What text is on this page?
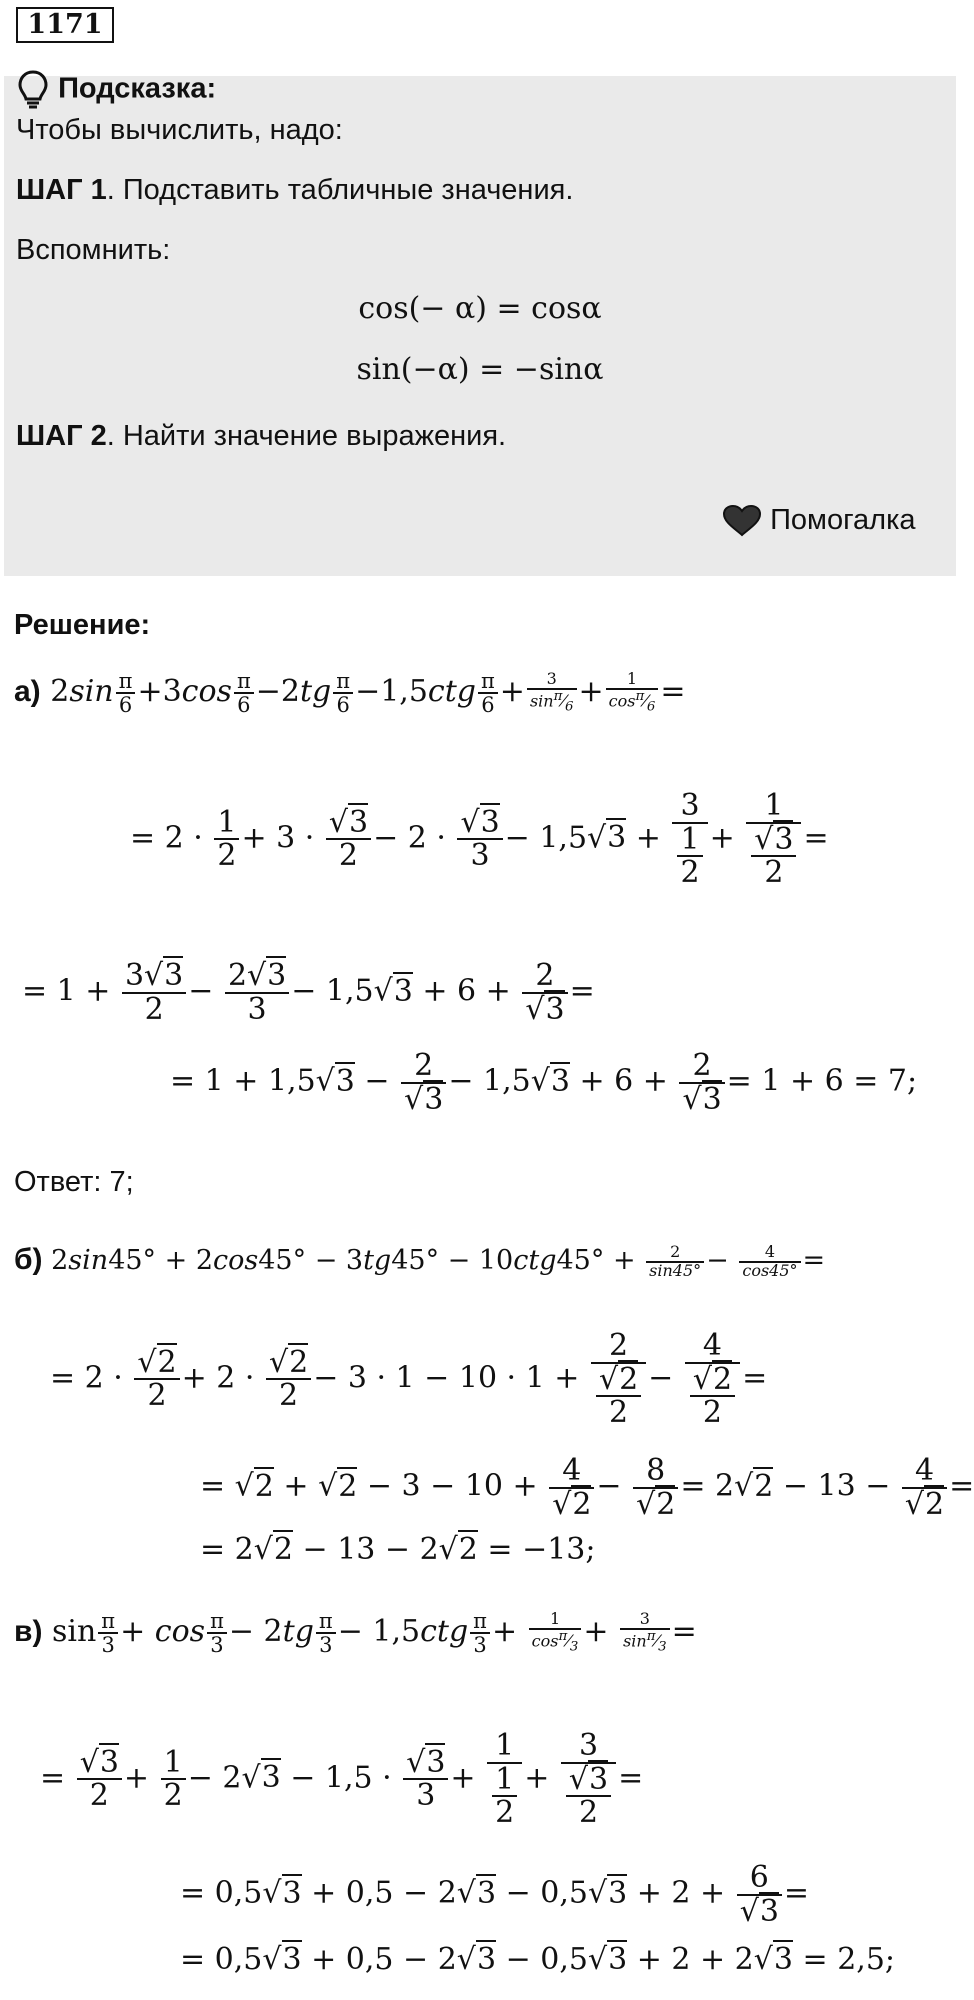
1171
Подсказка:
Чтобы вычислить, надо:
ШАГ 1. Подставить табличные значения.
Вспомнить:
cos(− α) = cosα
sin(−α) = −sinα
ШАГ 2. Найти значение выражения.
Помогалка
Решение:
а) $2\sin \frac{\pi}{6} +3\cos \frac{\pi}{6} -2tg \frac{\pi}{6} -1,5ctg \frac{\pi}{6} + \frac{3}{\sin^\pi⁄_6} + \frac{1}{\cos^\pi⁄_6}$ =
= $2 \cdot \frac{1}{2} + 3 \cdot \frac{√3}{2} - 2 \cdot \frac{√3}{3} - 1,5√3 + \frac{3}{\frac{1}{2}} + \frac{1}{\frac{√3}{2}}$ =
= $1 + \frac{3√3}{2} - \frac{2√3}{3} - 1,5√3 + 6 + \frac{2}{√3}$ =
= $1 + 1,5√3 - \frac{2}{√3} - 1,5√3 + 6 + \frac{2}{√3} = 1 + 6 = 7$;
Ответ: 7;
б) $2\sin 45^\circ + 2\cos 45^\circ - 3tg45^\circ - 10ctg45^\circ + \frac{2}{\sin 45^\circ} - \frac{4}{\cos 45^\circ}$ =
= $2 \cdot \frac{√2}{2} + 2 \cdot \frac{√2}{2} - 3 \cdot 1 - 10 \cdot 1 + \frac{2}{\frac{√2}{2}} - \frac{4}{\frac{√2}{2}}$ =
= $√2 + √2 - 3 - 10 + \frac{4}{√2} - \frac{8}{√2} = 2√2 - 13 - \frac{4}{√2}$ =
= 2√2 − 13 − 2√2 = −13;
в) $\sin \frac{\pi}{3} + \cos \frac{\pi}{3} - 2tg \frac{\pi}{3} - 1,5ctg \frac{\pi}{3} + \frac{1}{\cos^\pi⁄_3} + \frac{3}{\sin^\pi⁄_3}$ =
= $\frac{√3}{2} + \frac{1}{2} - 2√3 - 1,5 \cdot \frac{√3}{3} + \frac{1}{\frac{1}{2}} + \frac{3}{\frac{√3}{2}}$ =
= $0,5√3 + 0,5 - 2√3 - 0,5√3 + 2 + \frac{6}{√3}$ =
= 0,5√3 + 0,5 − 2√3 − 0,5√3 + 2 + 2√3 = 2,5;
